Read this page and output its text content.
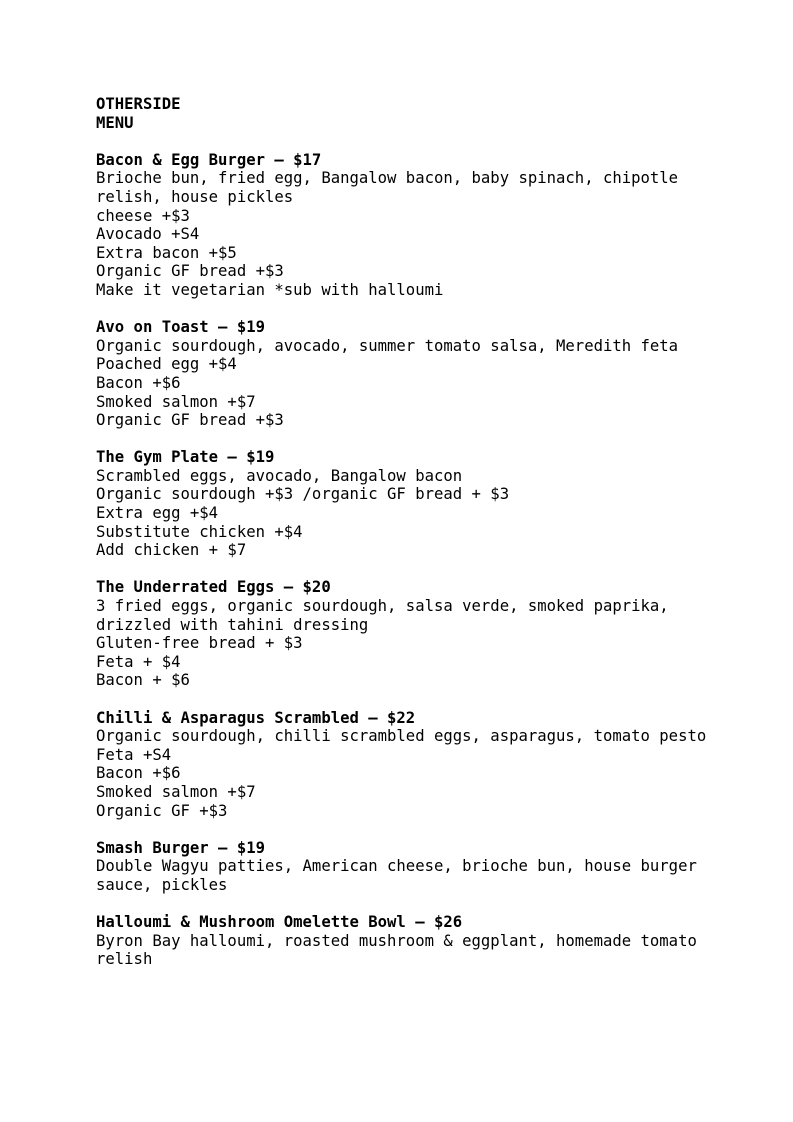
OTHERSIDE
MENU
Bacon & Egg Burger – $17
Brioche bun, fried egg, Bangalow bacon, baby spinach, chipotle relish, house pickles
cheese +$3
Avocado +S4
Extra bacon +$5
Organic GF bread +$3
Make it vegetarian *sub with halloumi
Avo on Toast – $19
Organic sourdough, avocado, summer tomato salsa, Meredith feta
Poached egg +$4
Bacon +$6
Smoked salmon +$7
Organic GF bread +$3
The Gym Plate – $19
Scrambled eggs, avocado, Bangalow bacon
Organic sourdough +$3 /organic GF bread + $3
Extra egg +$4
Substitute chicken +$4
Add chicken + $7
The Underrated Eggs – $20
3 fried eggs, organic sourdough, salsa verde, smoked paprika, drizzled with tahini dressing
Gluten-free bread + $3
Feta + $4
Bacon + $6
Chilli & Asparagus Scrambled – $22
Organic sourdough, chilli scrambled eggs, asparagus, tomato pesto
Feta +S4
Bacon +$6
Smoked salmon +$7
Organic GF +$3
Smash Burger – $19
Double Wagyu patties, American cheese, brioche bun, house burger sauce, pickles
Halloumi & Mushroom Omelette Bowl – $26
Byron Bay halloumi, roasted mushroom & eggplant, homemade tomato relish
